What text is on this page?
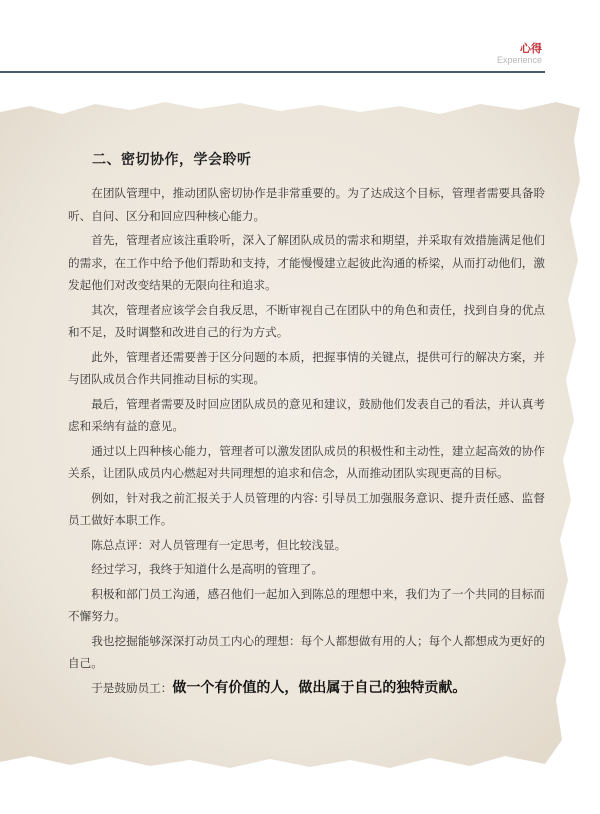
心得
Experience
二、密切协作，学会聆听

在团队管理中，推动团队密切协作是非常重要的。为了达成这个目标，管理者需要具备聆听、自问、区分和回应四种核心能力。

首先，管理者应该注重聆听，深入了解团队成员的需求和期望，并采取有效措施满足他们的需求，在工作中给予他们帮助和支持，才能慢慢建立起彼此沟通的桥梁，从而打动他们，激发起他们对改变结果的无限向往和追求。

其次，管理者应该学会自我反思，不断审视自己在团队中的角色和责任，找到自身的优点和不足，及时调整和改进自己的行为方式。

此外，管理者还需要善于区分问题的本质，把握事情的关键点，提供可行的解决方案，并与团队成员合作共同推动目标的实现。

最后，管理者需要及时回应团队成员的意见和建议，鼓励他们发表自己的看法，并认真考虑和采纳有益的意见。

通过以上四种核心能力，管理者可以激发团队成员的积极性和主动性，建立起高效的协作关系，让团队成员内心燃起对共同理想的追求和信念，从而推动团队实现更高的目标。

例如，针对我之前汇报关于人员管理的内容: 引导员工加强服务意识、提升责任感、监督员工做好本职工作。

陈总点评：对人员管理有一定思考，但比较浅显。

经过学习，我终于知道什么是高明的管理了。

积极和部门员工沟通，感召他们一起加入到陈总的理想中来，我们为了一个共同的目标而不懈努力。

我也挖掘能够深深打动员工内心的理想：每个人都想做有用的人；每个人都想成为更好的自己。

于是鼓励员工：做一个有价值的人，做出属于自己的独特贡献。
